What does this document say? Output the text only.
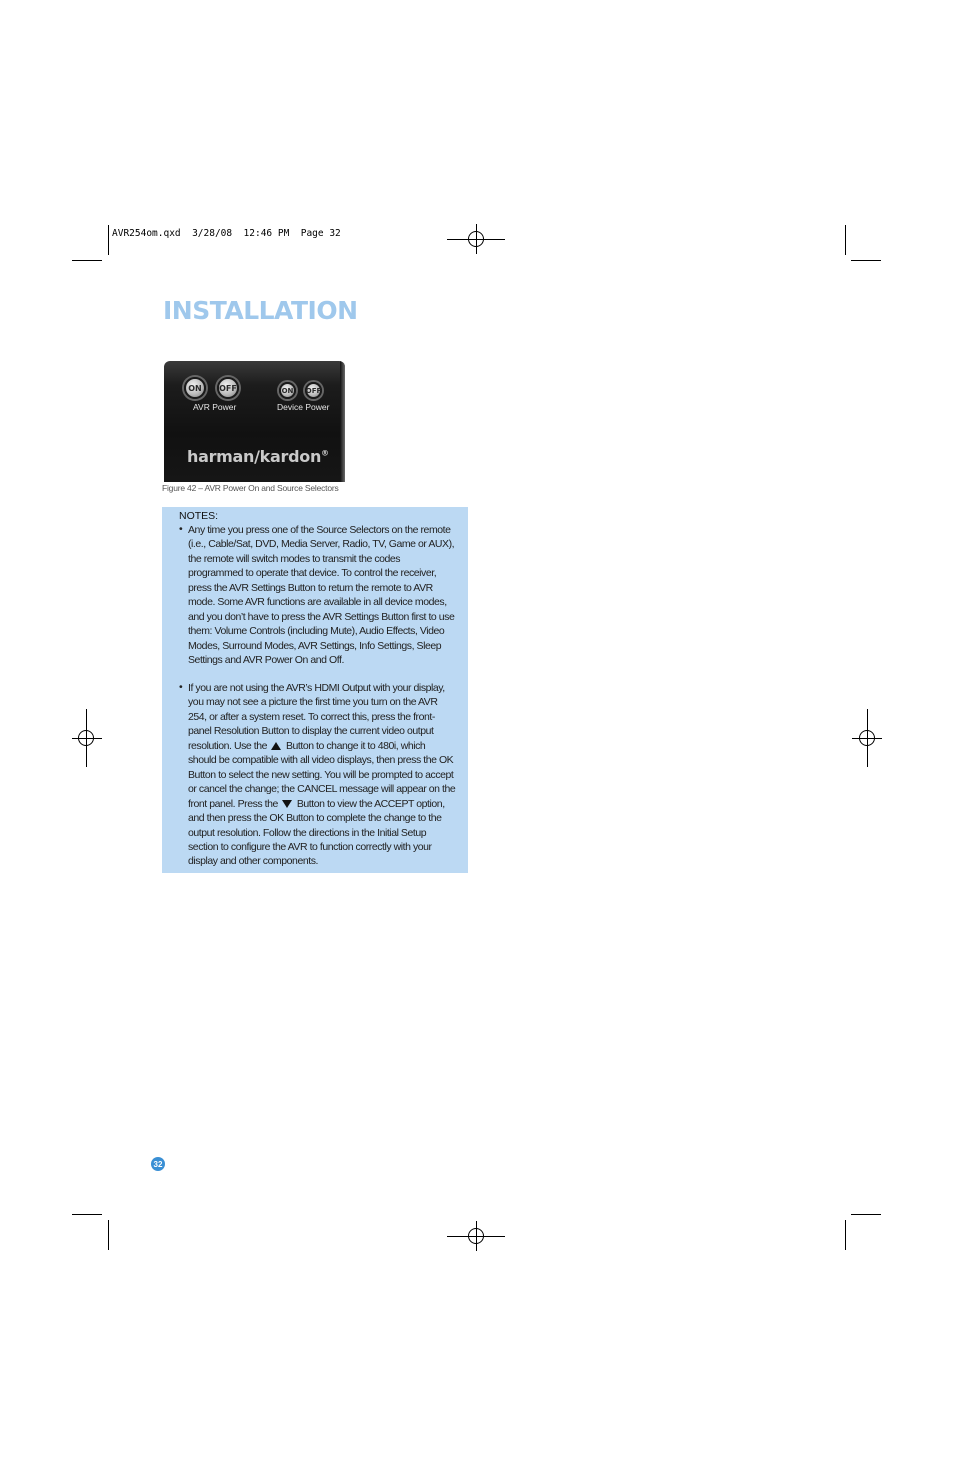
AVR254om.qxd  3/28/08  12:46 PM  Page 32
INSTALLATION
ON	OFF
AVR Power
ON	OFF
Device Power
harman/kardon®
Figure 42 – AVR Power On and Source Selectors
NOTES:
• Any time you press one of the Source Selectors on the remote (i.e., Cable/Sat, DVD, Media Server, Radio, TV, Game or AUX), the remote will switch modes to transmit the codes programmed to operate that device. To control the receiver, press the AVR Settings Button to return the remote to AVR mode. Some AVR functions are available in all device modes, and you don’t have to press the AVR Settings Button first to use them: Volume Controls (including Mute), Audio Effects, Video Modes, Surround Modes, AVR Settings, Info Settings, Sleep Settings and AVR Power On and Off.
• If you are not using the AVR’s HDMI Output with your display, you may not see a picture the first time you turn on the AVR 254, or after a system reset. To correct this, press the front-panel Resolution Button to display the current video output resolution. Use the Button to change it to 480i, which should be compatible with all video displays, then press the OK Button to select the new setting. You will be prompted to accept or cancel the change; the CANCEL message will appear on the front panel. Press the Button to view the ACCEPT option, and then press the OK Button to complete the change to the output resolution. Follow the directions in the Initial Setup section to configure the AVR to function correctly with your display and other components.
32
